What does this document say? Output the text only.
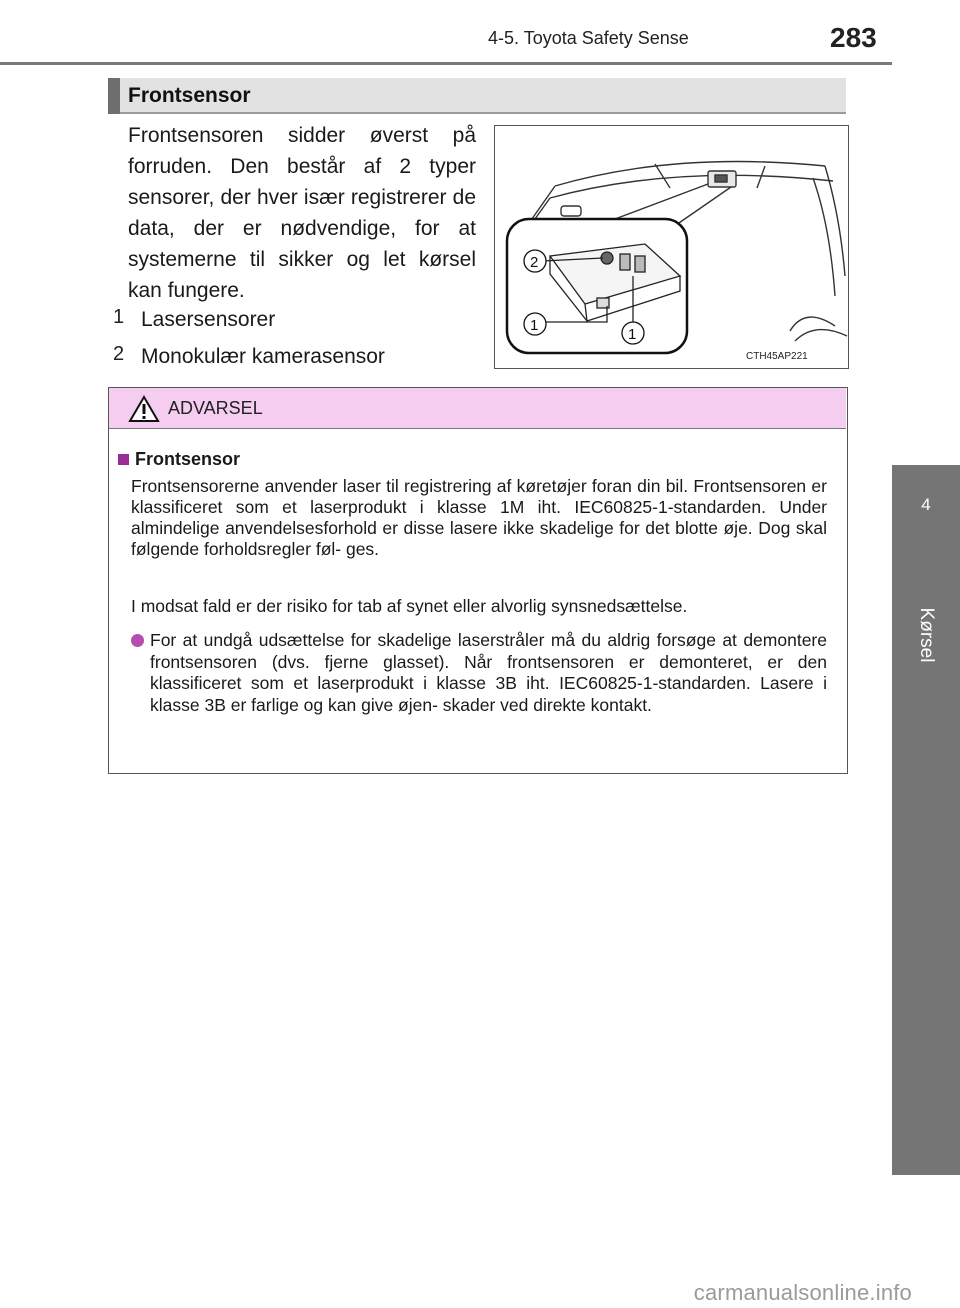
4-5. Toyota Safety Sense	283
4
Kørsel
Frontsensor
Frontsensoren sidder øverst på forruden. Den består af 2 typer sensorer, der hver især registrerer de data, der er nødvendige, for at systemerne til sikker og let kørsel kan fungere.
1 Lasersensorer
2 Monokulær kamerasensor
2
1
1
CTH45AP221
ADVARSEL
Frontsensor
Frontsensorerne anvender laser til registrering af køretøjer foran din bil. Frontsensoren er klassificeret som et laserprodukt i klasse 1M iht. IEC60825-1-standarden. Under almindelige anvendelsesforhold er disse lasere ikke skadelige for det blotte øje. Dog skal følgende forholdsregler føl- ges.
I modsat fald er der risiko for tab af synet eller alvorlig synsnedsættelse.
For at undgå udsættelse for skadelige laserstråler må du aldrig forsøge at demontere frontsensoren (dvs. fjerne glasset). Når frontsensoren er demonteret, er den klassificeret som et laserprodukt i klasse 3B iht. IEC60825-1-standarden. Lasere i klasse 3B er farlige og kan give øjen- skader ved direkte kontakt.
carmanualsonline.info
